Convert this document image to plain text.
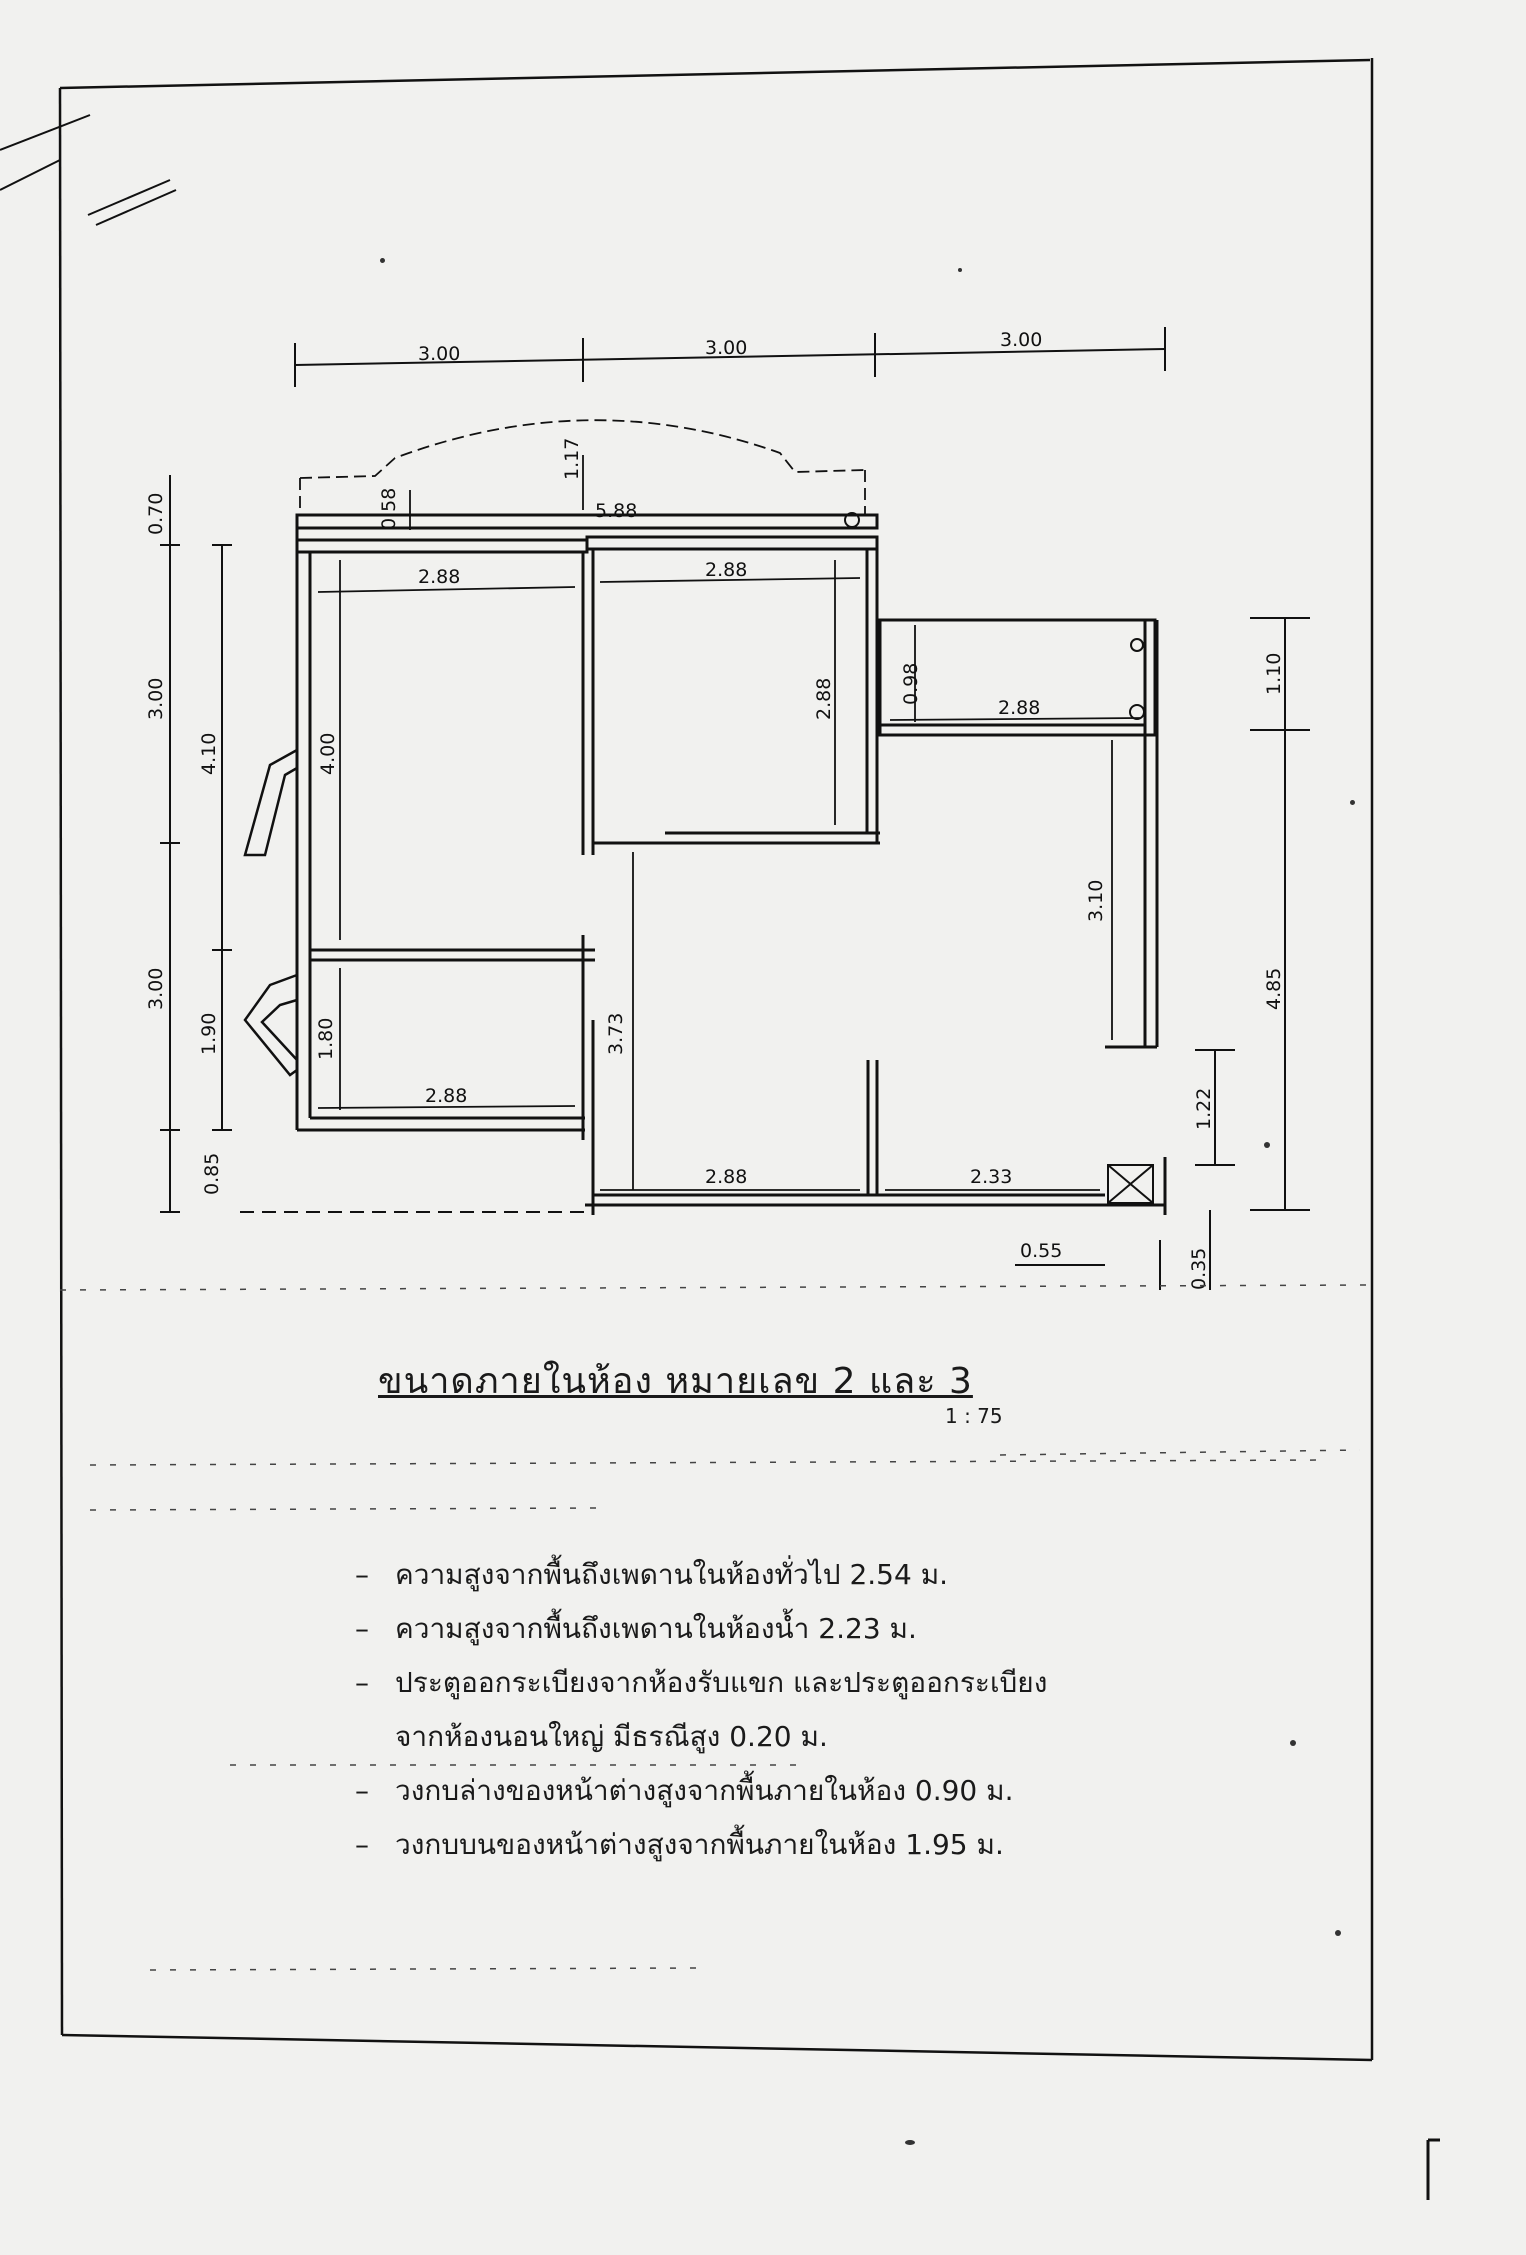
3.00	3.00	3.00
5.88
0.58
1.17
0.70
3.00
3.00
0.85
4.10
1.90
2.88
4.00
2.88
2.88	0.98
2.88
1.80
2.88
3.73
2.88	2.33
3.10
1.10
4.85
1.22
0.55	0.35
ขนาดภายในห้อง หมายเลข 2 และ 3
1 : 75
– ความสูงจากพื้นถึงเพดานในห้องทั่วไป 2.54 ม.
– ความสูงจากพื้นถึงเพดานในห้องน้ำ 2.23 ม.
– ประตูออกระเบียงจากห้องรับแขก และประตูออกระเบียง
จากห้องนอนใหญ่ มีธรณีสูง 0.20 ม.
– วงกบล่างของหน้าต่างสูงจากพื้นภายในห้อง 0.90 ม.
– วงกบบนของหน้าต่างสูงจากพื้นภายในห้อง 1.95 ม.
